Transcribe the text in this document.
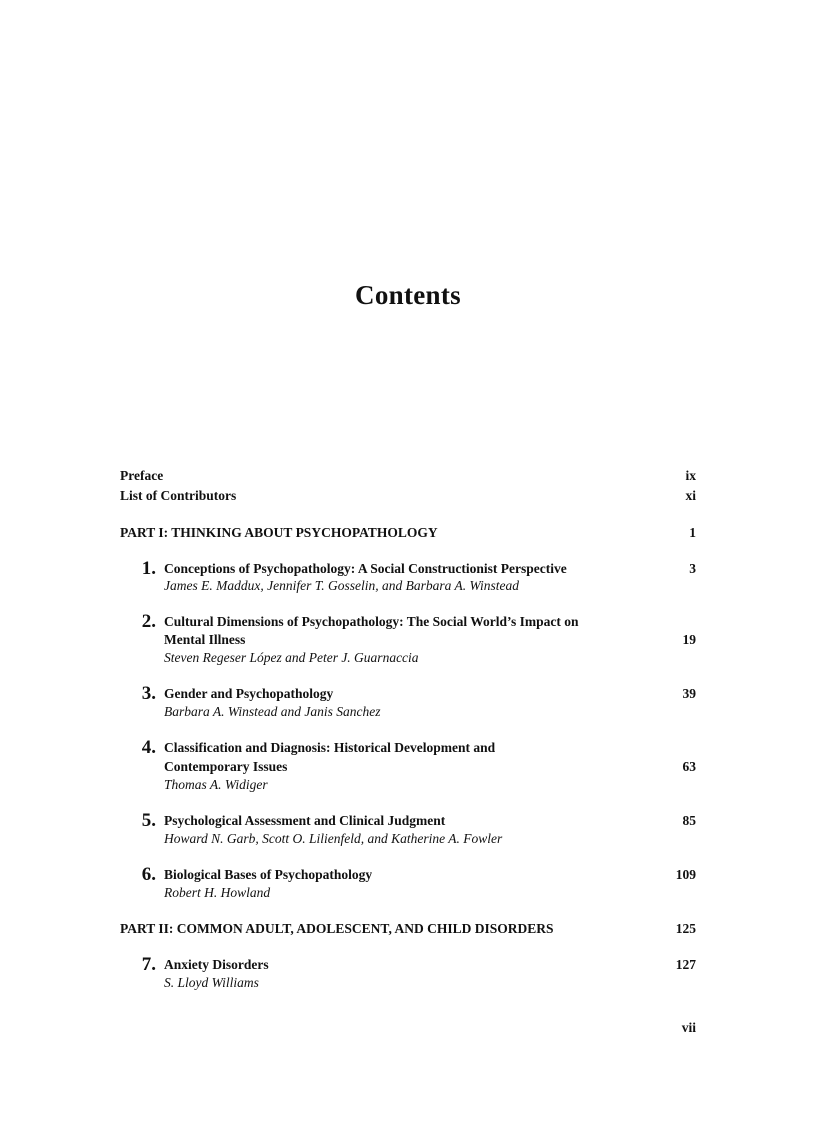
Contents
Preface	ix
List of Contributors	xi
PART I: THINKING ABOUT PSYCHOPATHOLOGY	1
1. Conceptions of Psychopathology: A Social Constructionist Perspective	3
James E. Maddux, Jennifer T. Gosselin, and Barbara A. Winstead
2. Cultural Dimensions of Psychopathology: The Social World’s Impact on
Mental Illness	19
Steven Regeser López and Peter J. Guarnaccia
3. Gender and Psychopathology	39
Barbara A. Winstead and Janis Sanchez
4. Classification and Diagnosis: Historical Development and
Contemporary Issues	63
Thomas A. Widiger
5. Psychological Assessment and Clinical Judgment	85
Howard N. Garb, Scott O. Lilienfeld, and Katherine A. Fowler
6. Biological Bases of Psychopathology	109
Robert H. Howland
PART II: COMMON ADULT, ADOLESCENT, AND CHILD DISORDERS	125
7. Anxiety Disorders	127
S. Lloyd Williams
vii
